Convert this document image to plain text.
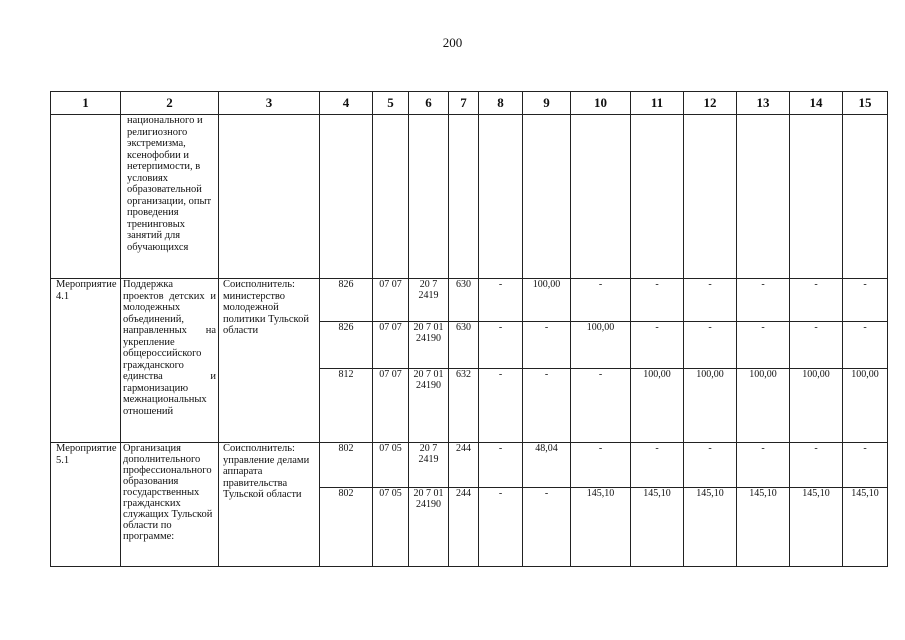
200
1	2	3	4	5	6	7	8	9	10	11	12	13	14	15
	национального и религиозного экстремизма, ксенофобии и нетерпимости, в условиях образовательной организации, опыт проведения тренинговых занятий для обучающихся													
Мероприятие 4.1	Поддержка проектов детских и молодежных объединений, направленных на укрепление общероссийского гражданского единства и гармонизацию межнациональных отношений	Соисполнитель: министерство молодежной политики Тульской области	826	07 07	20 7 2419	630	-	100,00	-	-	-	-	-	-
			826	07 07	20 7 01 24190	630	-	-	100,00	-	-	-	-	-
			812	07 07	20 7 01 24190	632	-	-	-	100,00	100,00	100,00	100,00	100,00
Мероприятие 5.1	Организация дополнительного профессионального образования государственных гражданских служащих Тульской области по программе:	Соисполнитель: управление делами аппарата правительства Тульской области	802	07 05	20 7 2419	244	-	48,04	-	-	-	-	-	-
			802	07 05	20 7 01 24190	244	-	-	145,10	145,10	145,10	145,10	145,10	145,10
